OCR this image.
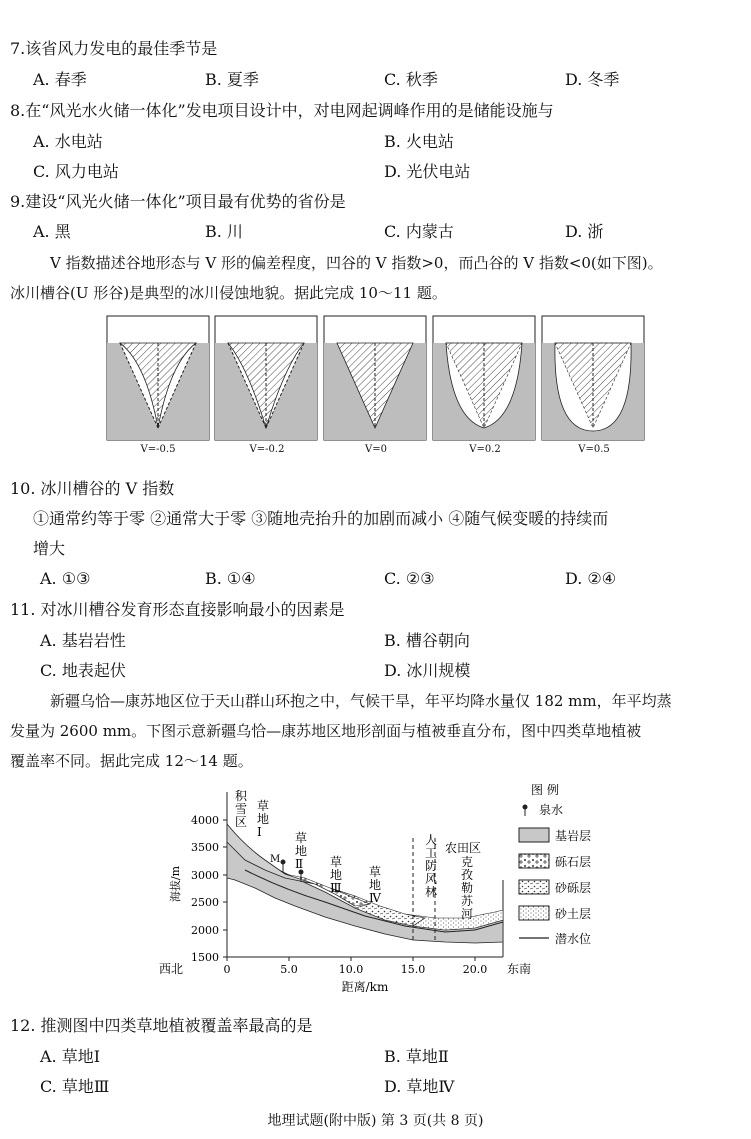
7.该省风力发电的最佳季节是
A. 春季	B. 夏季	C. 秋季	D. 冬季
8.在“风光水火储一体化”发电项目设计中，对电网起调峰作用的是储能设施与
A. 水电站	B. 火电站
C. 风力电站	D. 光伏电站
9.建设“风光火储一体化”项目最有优势的省份是
A. 黑	B. 川	C. 内蒙古	D. 浙
V 指数描述谷地形态与 V 形的偏差程度，凹谷的 V 指数>0，而凸谷的 V 指数<0(如下图)。
冰川槽谷(U 形谷)是典型的冰川侵蚀地貌。据此完成 10～11 题。
V=-0.5	V=-0.2	V=0	V=0.2	V=0.5
10. 冰川槽谷的 V 指数
①通常约等于零 ②通常大于零 ③随地壳抬升的加剧而减小 ④随气候变暖的持续而
增大
A. ①③	B. ①④	C. ②③	D. ②④
11. 对冰川槽谷发育形态直接影响最小的因素是
A. 基岩岩性	B. 槽谷朝向
C. 地表起伏	D. 冰川规模
新疆乌恰—康苏地区位于天山群山环抱之中，气候干旱，年平均降水量仅 182 mm，年平均蒸
发量为 2600 mm。下图示意新疆乌恰—康苏地区地形剖面与植被垂直分布，图中四类草地植被
覆盖率不同。据此完成 12～14 题。
4000
3500
3000
2500
2000
1500
海拔/m
0	5.0	10.0	15.0	20.0
距离/km
西北	东南
M
积雪区
草地 Ⅰ	草地 Ⅱ	草地 Ⅲ
草地 Ⅳ
人工防风林
克孜勒苏河
农田区
图 例
泉水
基岩层
砾石层
砂砾层
砂土层
潜水位
12. 推测图中四类草地植被覆盖率最高的是
A. 草地Ⅰ	B. 草地Ⅱ
C. 草地Ⅲ	D. 草地Ⅳ
地理试题(附中版) 第 3 页(共 8 页)
